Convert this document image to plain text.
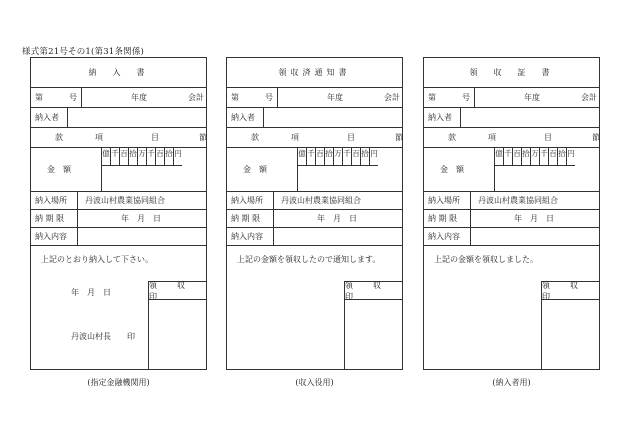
様式第21号その1(第31条関係)
納　入　書
第	号	年度	会計
納入者
款	項	目	節
金　額
億 千 百 拾 万 千 百 拾 円
納入場所 丹波山村農業協同組合
納 期 限	年　月　日
納入内容
上記のとおり納入して下さい。
年　月　日
丹波山村長　　印
領　収　印
(指定金融機関用)
領収済通知書
第	号	年度	会計
納入者
款	項	目	節
金　額
億 千 百 拾 万 千 百 拾 円
納入場所 丹波山村農業協同組合
納 期 限	年　月　日
納入内容
上記の金額を領収したので通知します。
領　収　印
(収入役用)
領　収　証　書
第	号	年度	会計
納入者
款	項	目	節
金　額
億 千 百 拾 万 千 百 拾 円
納入場所 丹波山村農業協同組合
納 期 限	年　月　日
納入内容
上記の金額を領収しました。
領　収　印
(納入者用)
